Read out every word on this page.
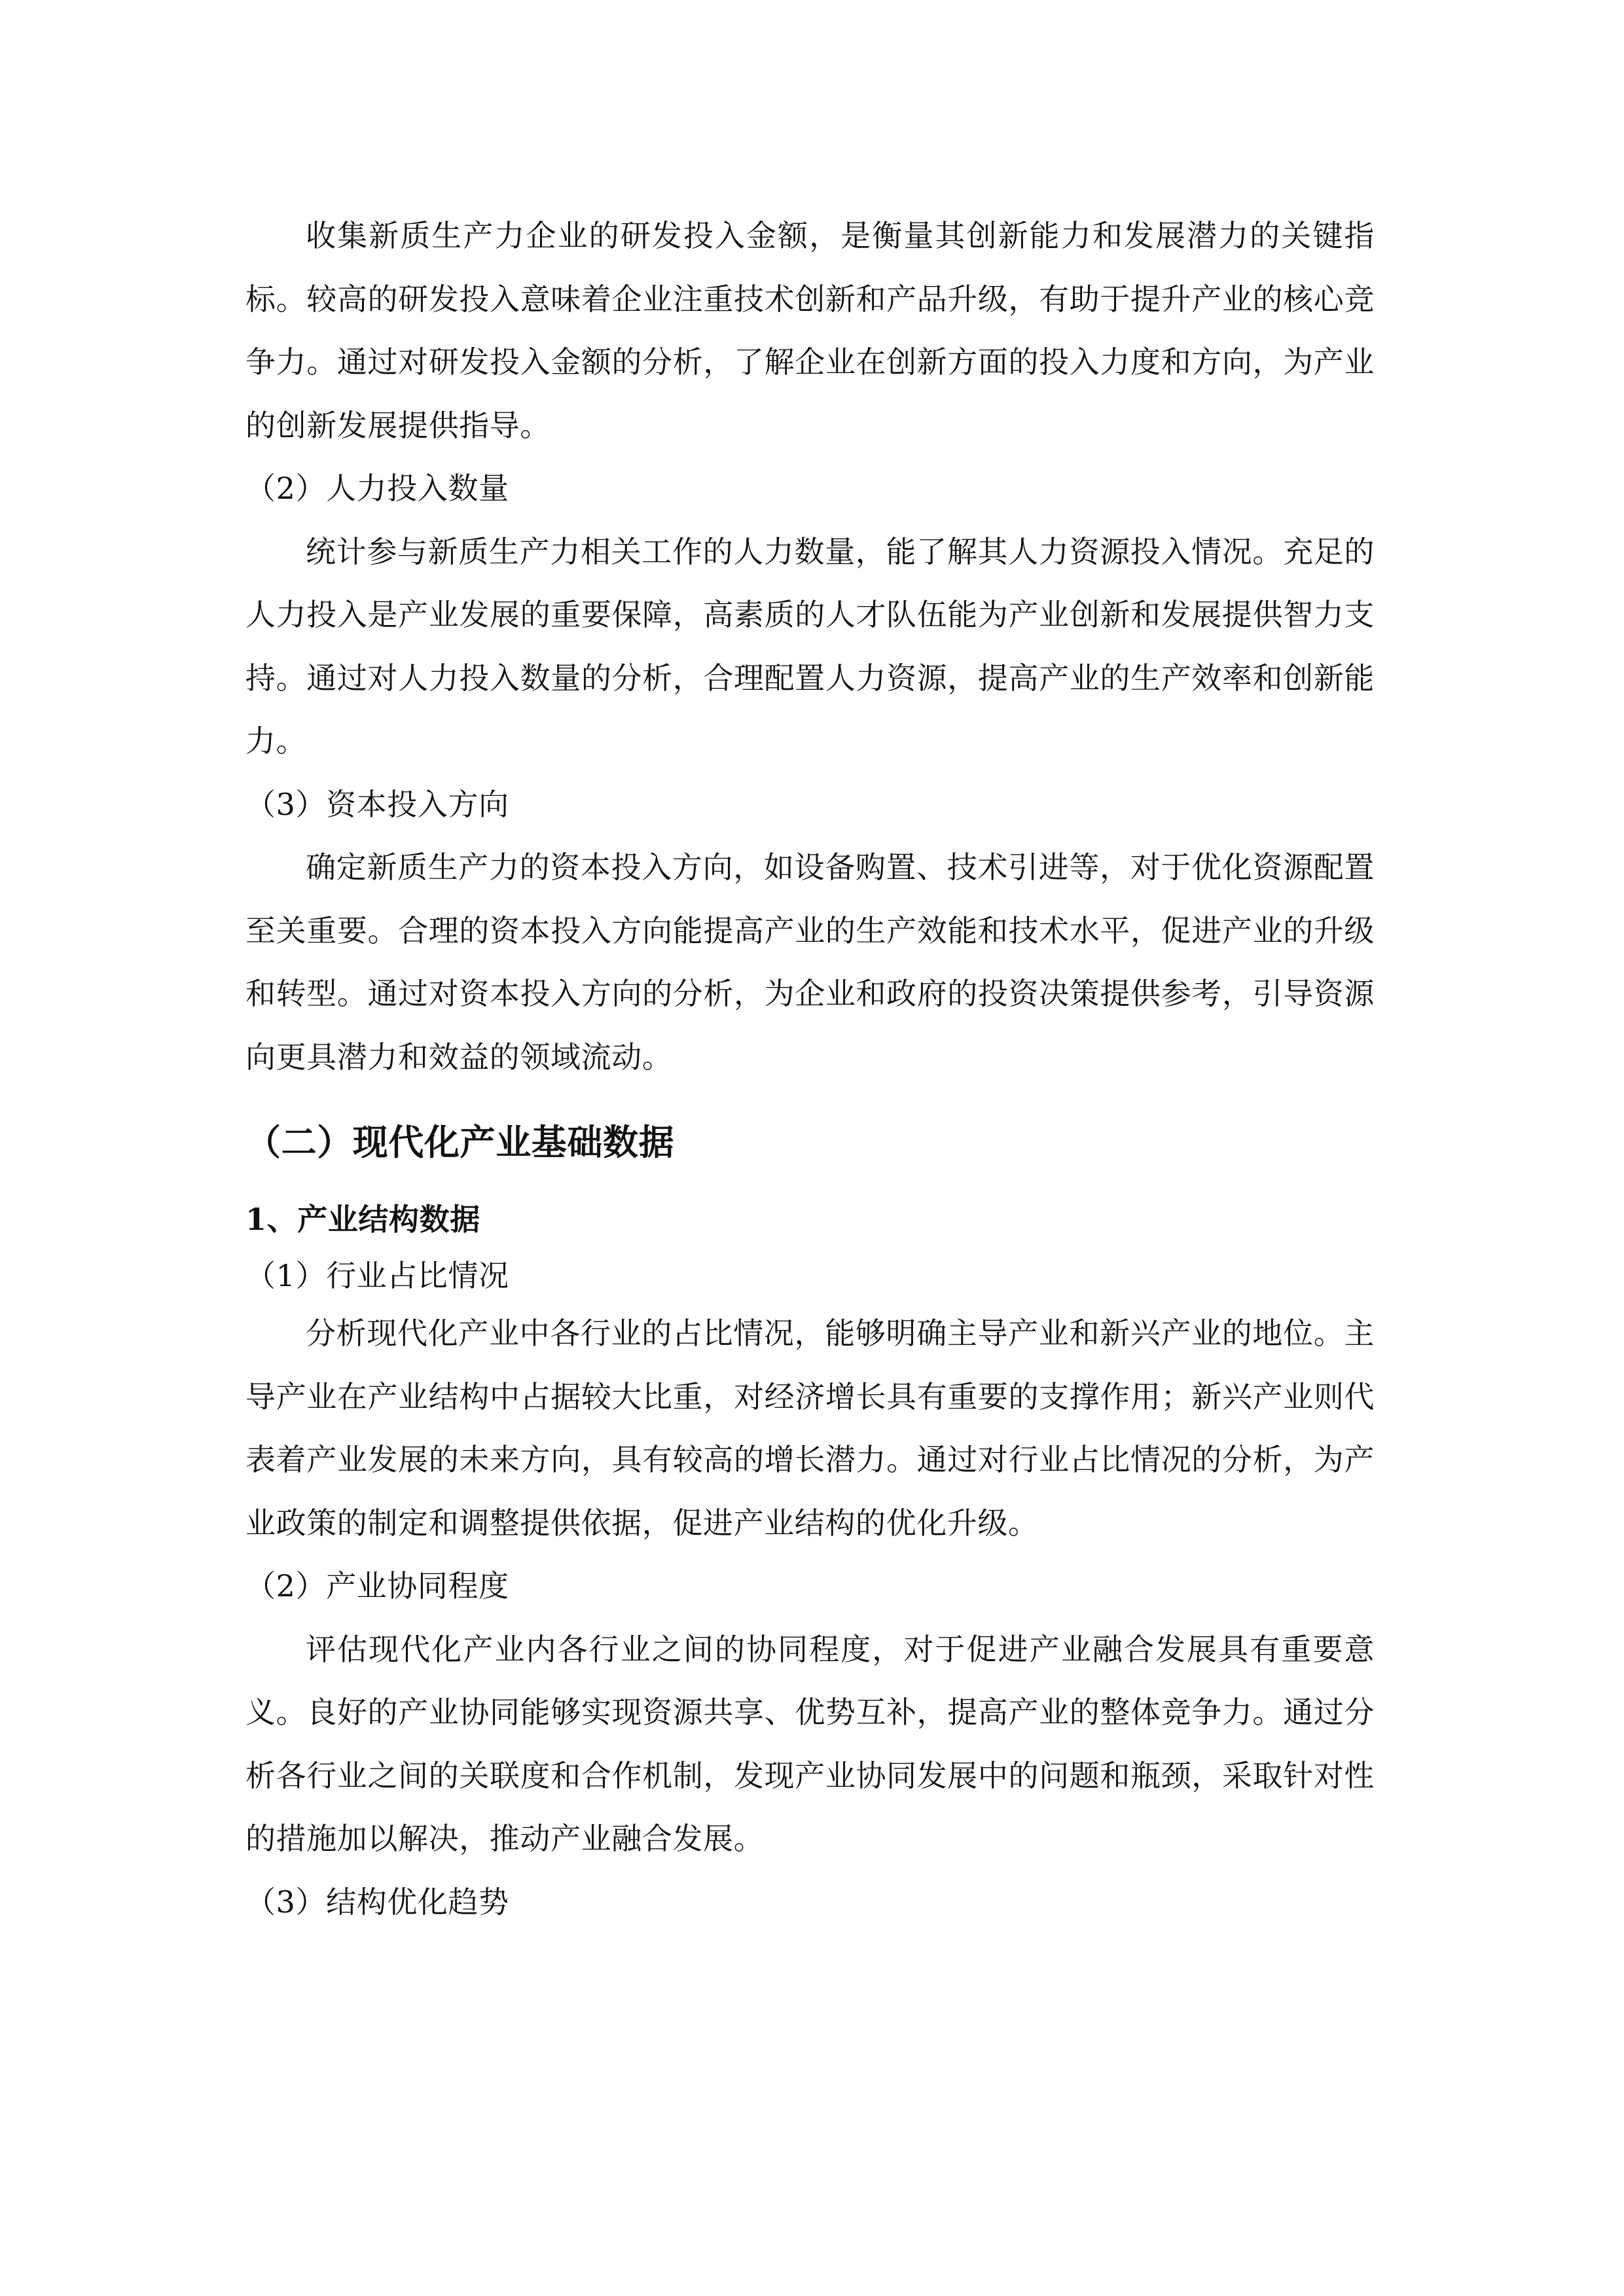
收集新质生产力企业的研发投入金额，是衡量其创新能力和发展潜力的关键指标。较高的研发投入意味着企业注重技术创新和产品升级，有助于提升产业的核心竞争力。通过对研发投入金额的分析，了解企业在创新方面的投入力度和方向，为产业的创新发展提供指导。

（2）人力投入数量

统计参与新质生产力相关工作的人力数量，能了解其人力资源投入情况。充足的人力投入是产业发展的重要保障，高素质的人才队伍能为产业创新和发展提供智力支持。通过对人力投入数量的分析，合理配置人力资源，提高产业的生产效率和创新能力。

（3）资本投入方向

确定新质生产力的资本投入方向，如设备购置、技术引进等，对于优化资源配置至关重要。合理的资本投入方向能提高产业的生产效能和技术水平，促进产业的升级和转型。通过对资本投入方向的分析，为企业和政府的投资决策提供参考，引导资源向更具潜力和效益的领域流动。

（二）现代化产业基础数据
1、产业结构数据

（1）行业占比情况

分析现代化产业中各行业的占比情况，能够明确主导产业和新兴产业的地位。主导产业在产业结构中占据较大比重，对经济增长具有重要的支撑作用；新兴产业则代表着产业发展的未来方向，具有较高的增长潜力。通过对行业占比情况的分析，为产业政策的制定和调整提供依据，促进产业结构的优化升级。

（2）产业协同程度

评估现代化产业内各行业之间的协同程度，对于促进产业融合发展具有重要意义。良好的产业协同能够实现资源共享、优势互补，提高产业的整体竞争力。通过分析各行业之间的关联度和合作机制，发现产业协同发展中的问题和瓶颈，采取针对性的措施加以解决，推动产业融合发展。

（3）结构优化趋势
